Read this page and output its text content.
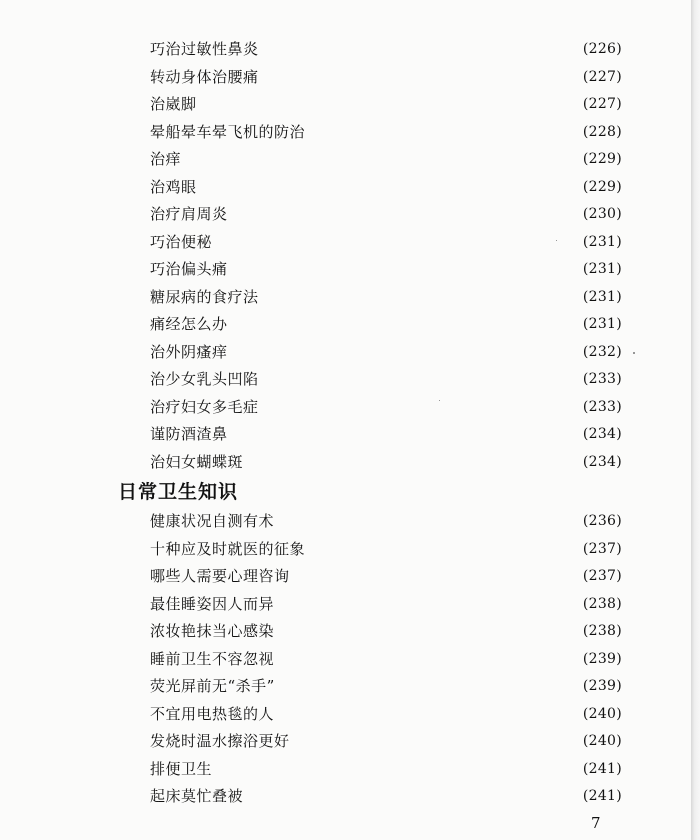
日常卫生知识
巧治过敏性鼻炎	(226)
转动身体治腰痛	(227)
治崴脚	(227)
晕船晕车晕飞机的防治	(228)
治痒	(229)
治鸡眼	(229)
治疗肩周炎	(230)
巧治便秘	(231)
巧治偏头痛	(231)
糖尿病的食疗法	(231)
痛经怎么办	(231)
治外阴瘙痒	(232)
治少女乳头凹陷	(233)
治疗妇女多毛症	(233)
谨防酒渣鼻	(234)
治妇女蝴蝶斑	(234)
健康状况自测有术	(236)
十种应及时就医的征象	(237)
哪些人需要心理咨询	(237)
最佳睡姿因人而异	(238)
浓妆艳抹当心感染	(238)
睡前卫生不容忽视	(239)
荧光屏前无“杀手”	(239)
不宜用电热毯的人	(240)
发烧时温水擦浴更好	(240)
排便卫生	(241)
起床莫忙叠被	(241)
7
